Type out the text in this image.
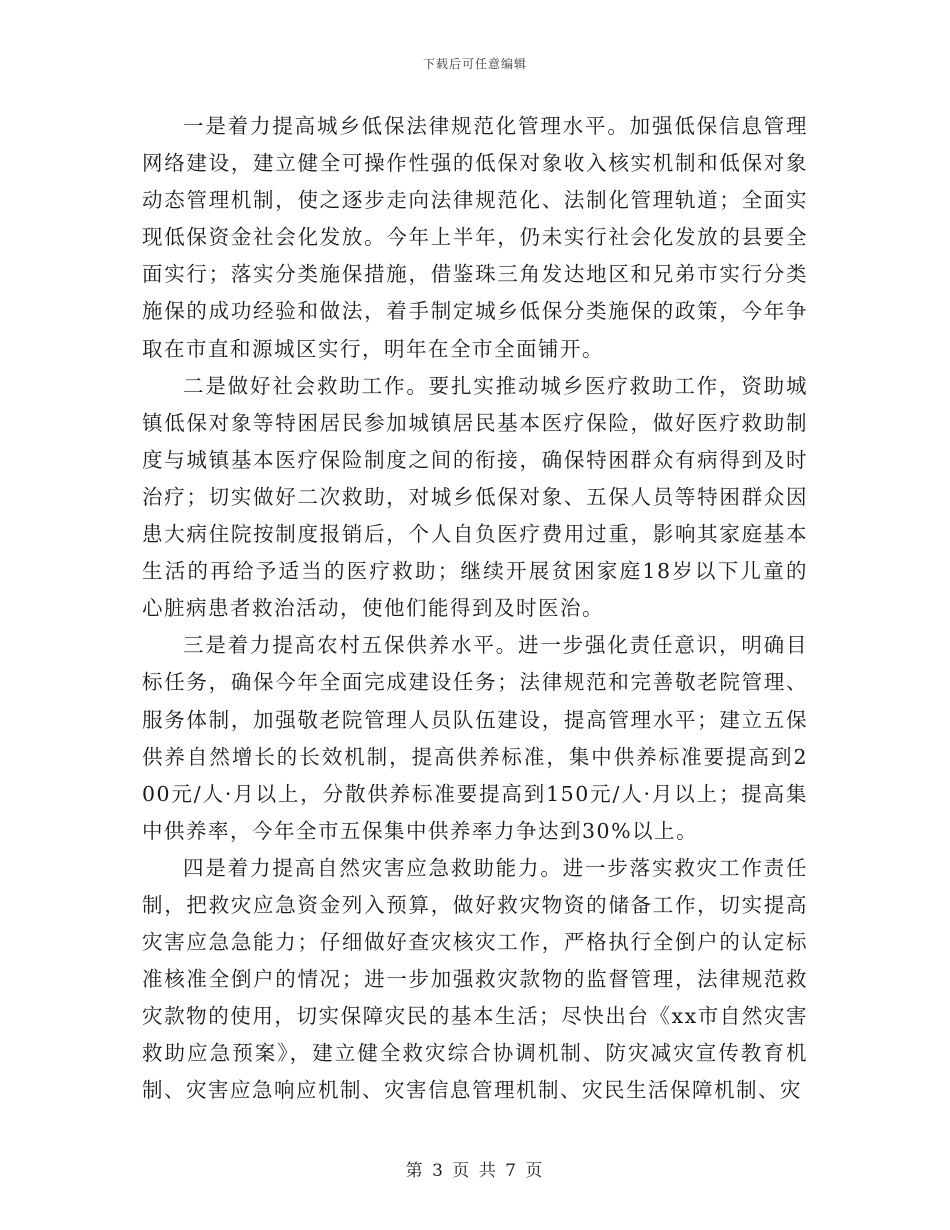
下载后可任意编辑

一是着力提高城乡低保法律规范化管理水平。加强低保信息管理网络建设，建立健全可操作性强的低保对象收入核实机制和低保对象动态管理机制，使之逐步走向法律规范化、法制化管理轨道；全面实现低保资金社会化发放。今年上半年，仍未实行社会化发放的县要全面实行；落实分类施保措施，借鉴珠三角发达地区和兄弟市实行分类施保的成功经验和做法，着手制定城乡低保分类施保的政策，今年争取在市直和源城区实行，明年在全市全面铺开。

二是做好社会救助工作。要扎实推动城乡医疗救助工作，资助城镇低保对象等特困居民参加城镇居民基本医疗保险，做好医疗救助制度与城镇基本医疗保险制度之间的衔接，确保特困群众有病得到及时治疗；切实做好二次救助，对城乡低保对象、五保人员等特困群众因患大病住院按制度报销后，个人自负医疗费用过重，影响其家庭基本生活的再给予适当的医疗救助；继续开展贫困家庭18岁以下儿童的心脏病患者救治活动，使他们能得到及时医治。

三是着力提高农村五保供养水平。进一步强化责任意识，明确目标任务，确保今年全面完成建设任务；法律规范和完善敬老院管理、服务体制，加强敬老院管理人员队伍建设，提高管理水平；建立五保供养自然增长的长效机制，提高供养标准，集中供养标准要提高到200元/人·月以上，分散供养标准要提高到150元/人·月以上；提高集中供养率，今年全市五保集中供养率力争达到30%以上。

四是着力提高自然灾害应急救助能力。进一步落实救灾工作责任制，把救灾应急资金列入预算，做好救灾物资的储备工作，切实提高灾害应急急能力；仔细做好查灾核灾工作，严格执行全倒户的认定标准核准全倒户的情况；进一步加强救灾款物的监督管理，法律规范救灾款物的使用，切实保障灾民的基本生活；尽快出台《xx市自然灾害救助应急预案》，建立健全救灾综合协调机制、防灾减灾宣传教育机制、灾害应急响应机制、灾害信息管理机制、灾民生活保障机制、灾

第 3 页 共 7 页
